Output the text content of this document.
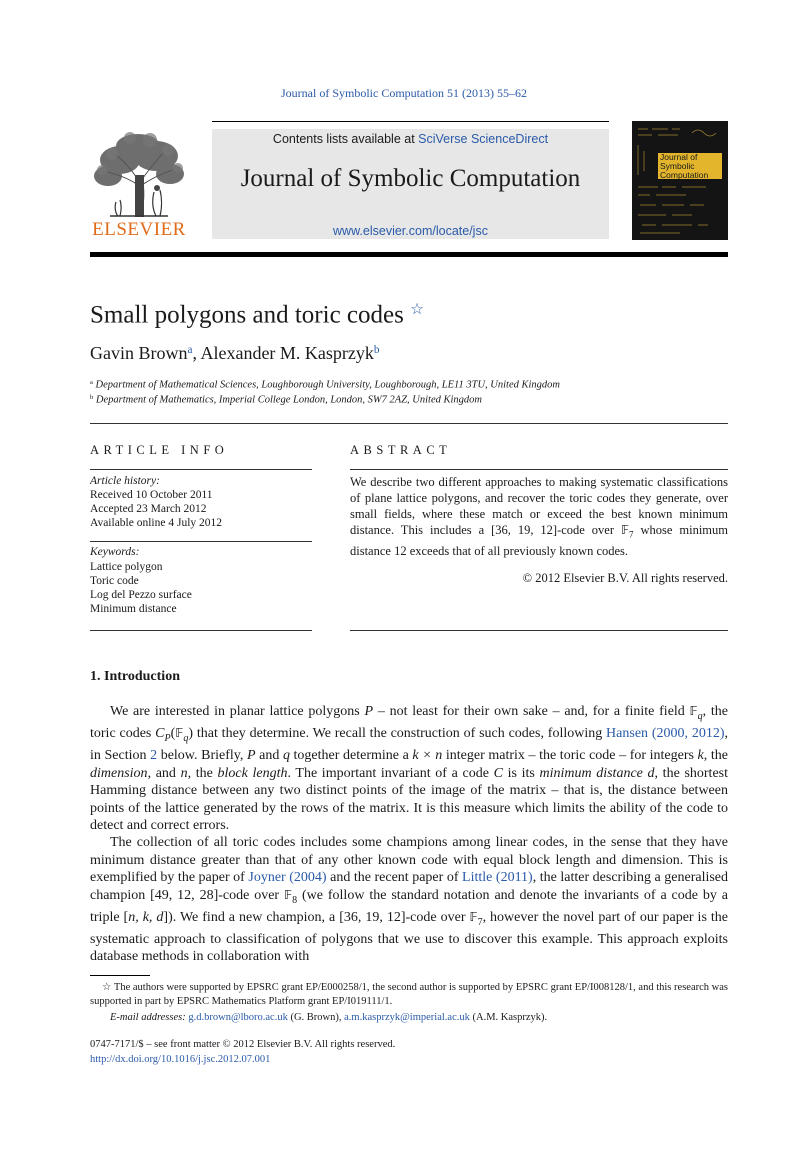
Journal of Symbolic Computation 51 (2013) 55–62
Contents lists available at SciVerse ScienceDirect
Journal of Symbolic Computation
www.elsevier.com/locate/jsc
ELSEVIER
Journal of
Symbolic
Computation
Small polygons and toric codes ☆
Gavin Brown$^a$, Alexander M. Kasprzyk$^b$
$^a$ Department of Mathematical Sciences, Loughborough University, Loughborough, LE11 3TU, United Kingdom
$^b$ Department of Mathematics, Imperial College London, London, SW7 2AZ, United Kingdom
ARTICLE INFO	ABSTRACT
Article history:
Received 10 October 2011
Accepted 23 March 2012
Available online 4 July 2012
Keywords:
Lattice polygon
Toric code
Log del Pezzo surface
Minimum distance
We describe two different approaches to making systematic classifications of plane lattice polygons, and recover the toric codes they generate, over small fields, where these match or exceed the best known minimum distance. This includes a [36, 19, 12]-code over 𝔽$_7$ whose minimum distance 12 exceeds that of all previously known codes.
© 2012 Elsevier B.V. All rights reserved.
1. Introduction

We are interested in planar lattice polygons P – not least for their own sake – and, for a finite field 𝔽$_q$, the toric codes $C_P(𝔽_q)$ that they determine. We recall the construction of such codes, following Hansen (2000, 2012), in Section 2 below. Briefly, P and q together determine a k × n integer matrix – the toric code – for integers k, the dimension, and n, the block length. The important invariant of a code C is its minimum distance d, the shortest Hamming distance between any two distinct points of the image of the matrix – that is, the distance between points of the lattice generated by the rows of the matrix. It is this measure which limits the ability of the code to detect and correct errors.

The collection of all toric codes includes some champions among linear codes, in the sense that they have minimum distance greater than that of any other known code with equal block length and dimension. This is exemplified by the paper of Joyner (2004) and the recent paper of Little (2011), the latter describing a generalised champion [49, 12, 28]-code over 𝔽$_8$ (we follow the standard notation and denote the invariants of a code by a triple [n, k, d]). We find a new champion, a [36, 19, 12]-code over 𝔽$_7$, however the novel part of our paper is the systematic approach to classification of polygons that we use to discover this example. This approach exploits database methods in collaboration with

☆ The authors were supported by EPSRC grant EP/E000258/1, the second author is supported by EPSRC grant EP/I008128/1, and this research was supported in part by EPSRC Mathematics Platform grant EP/I019111/1.
E-mail addresses: g.d.brown@lboro.ac.uk (G. Brown), a.m.kasprzyk@imperial.ac.uk (A.M. Kasprzyk).
0747-7171/$ – see front matter © 2012 Elsevier B.V. All rights reserved.
http://dx.doi.org/10.1016/j.jsc.2012.07.001
